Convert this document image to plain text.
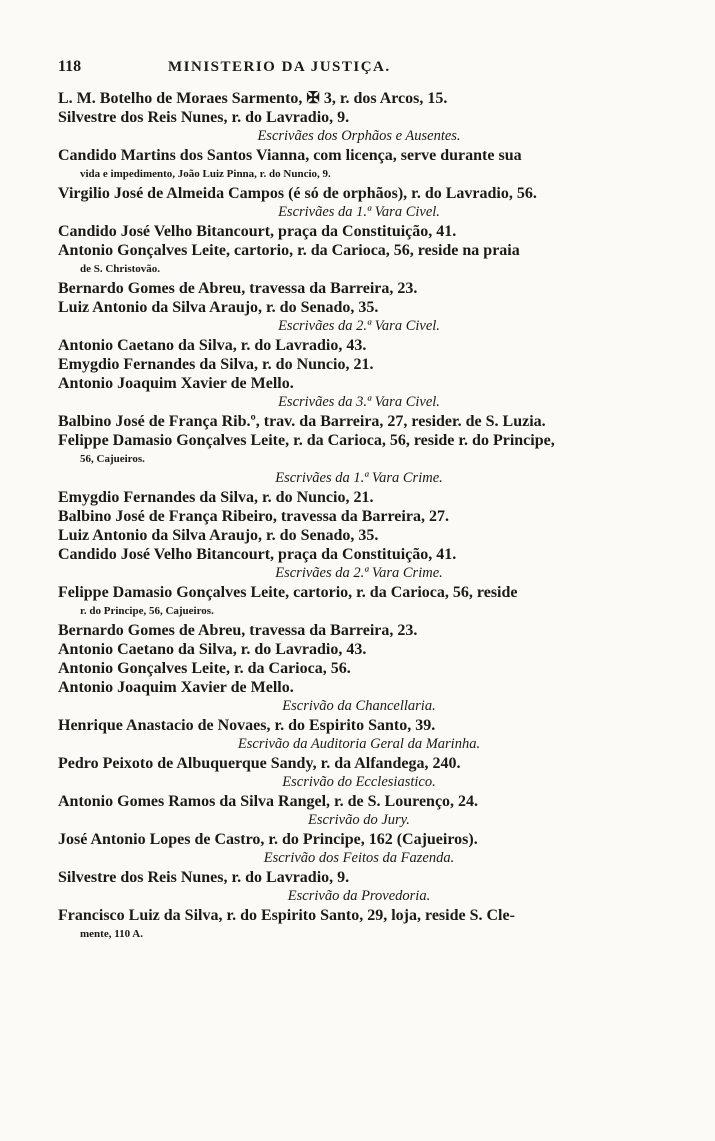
118	MINISTERIO DA JUSTIÇA.
L. M. Botelho de Moraes Sarmento, ✠ 3, r. dos Arcos, 15.
Silvestre dos Reis Nunes, r. do Lavradio, 9.
Escrivães dos Orphãos e Ausentes.
Candido Martins dos Santos Vianna, com licença, serve durante sua
vida e impedimento, João Luiz Pinna, r. do Nuncio, 9.
Virgilio José de Almeida Campos (é só de orphãos), r. do Lavradio, 56.
Escrivães da 1.ª Vara Civel.
Candido José Velho Bitancourt, praça da Constituição, 41.
Antonio Gonçalves Leite, cartorio, r. da Carioca, 56, reside na praia
de S. Christovão.
Bernardo Gomes de Abreu, travessa da Barreira, 23.
Luiz Antonio da Silva Araujo, r. do Senado, 35.
Escrivães da 2.ª Vara Civel.
Antonio Caetano da Silva, r. do Lavradio, 43.
Emygdio Fernandes da Silva, r. do Nuncio, 21.
Antonio Joaquim Xavier de Mello.
Escrivães da 3.ª Vara Civel.
Balbino José de França Rib.º, trav. da Barreira, 27, resider. de S. Luzia.
Felippe Damasio Gonçalves Leite, r. da Carioca, 56, reside r. do Principe,
56, Cajueiros.
Escrivães da 1.ª Vara Crime.
Emygdio Fernandes da Silva, r. do Nuncio, 21.
Balbino José de França Ribeiro, travessa da Barreira, 27.
Luiz Antonio da Silva Araujo, r. do Senado, 35.
Candido José Velho Bitancourt, praça da Constituição, 41.
Escrivães da 2.ª Vara Crime.
Felippe Damasio Gonçalves Leite, cartorio, r. da Carioca, 56, reside
r. do Principe, 56, Cajueiros.
Bernardo Gomes de Abreu, travessa da Barreira, 23.
Antonio Caetano da Silva, r. do Lavradio, 43.
Antonio Gonçalves Leite, r. da Carioca, 56.
Antonio Joaquim Xavier de Mello.
Escrivão da Chancellaria.
Henrique Anastacio de Novaes, r. do Espirito Santo, 39.
Escrivão da Auditoria Geral da Marinha.
Pedro Peixoto de Albuquerque Sandy, r. da Alfandega, 240.
Escrivão do Ecclesiastico.
Antonio Gomes Ramos da Silva Rangel, r. de S. Lourenço, 24.
Escrivão do Jury.
José Antonio Lopes de Castro, r. do Principe, 162 (Cajueiros).
Escrivão dos Feitos da Fazenda.
Silvestre dos Reis Nunes, r. do Lavradio, 9.
Escrivão da Provedoria.
Francisco Luiz da Silva, r. do Espirito Santo, 29, loja, reside S. Cle-
mente, 110 A.
